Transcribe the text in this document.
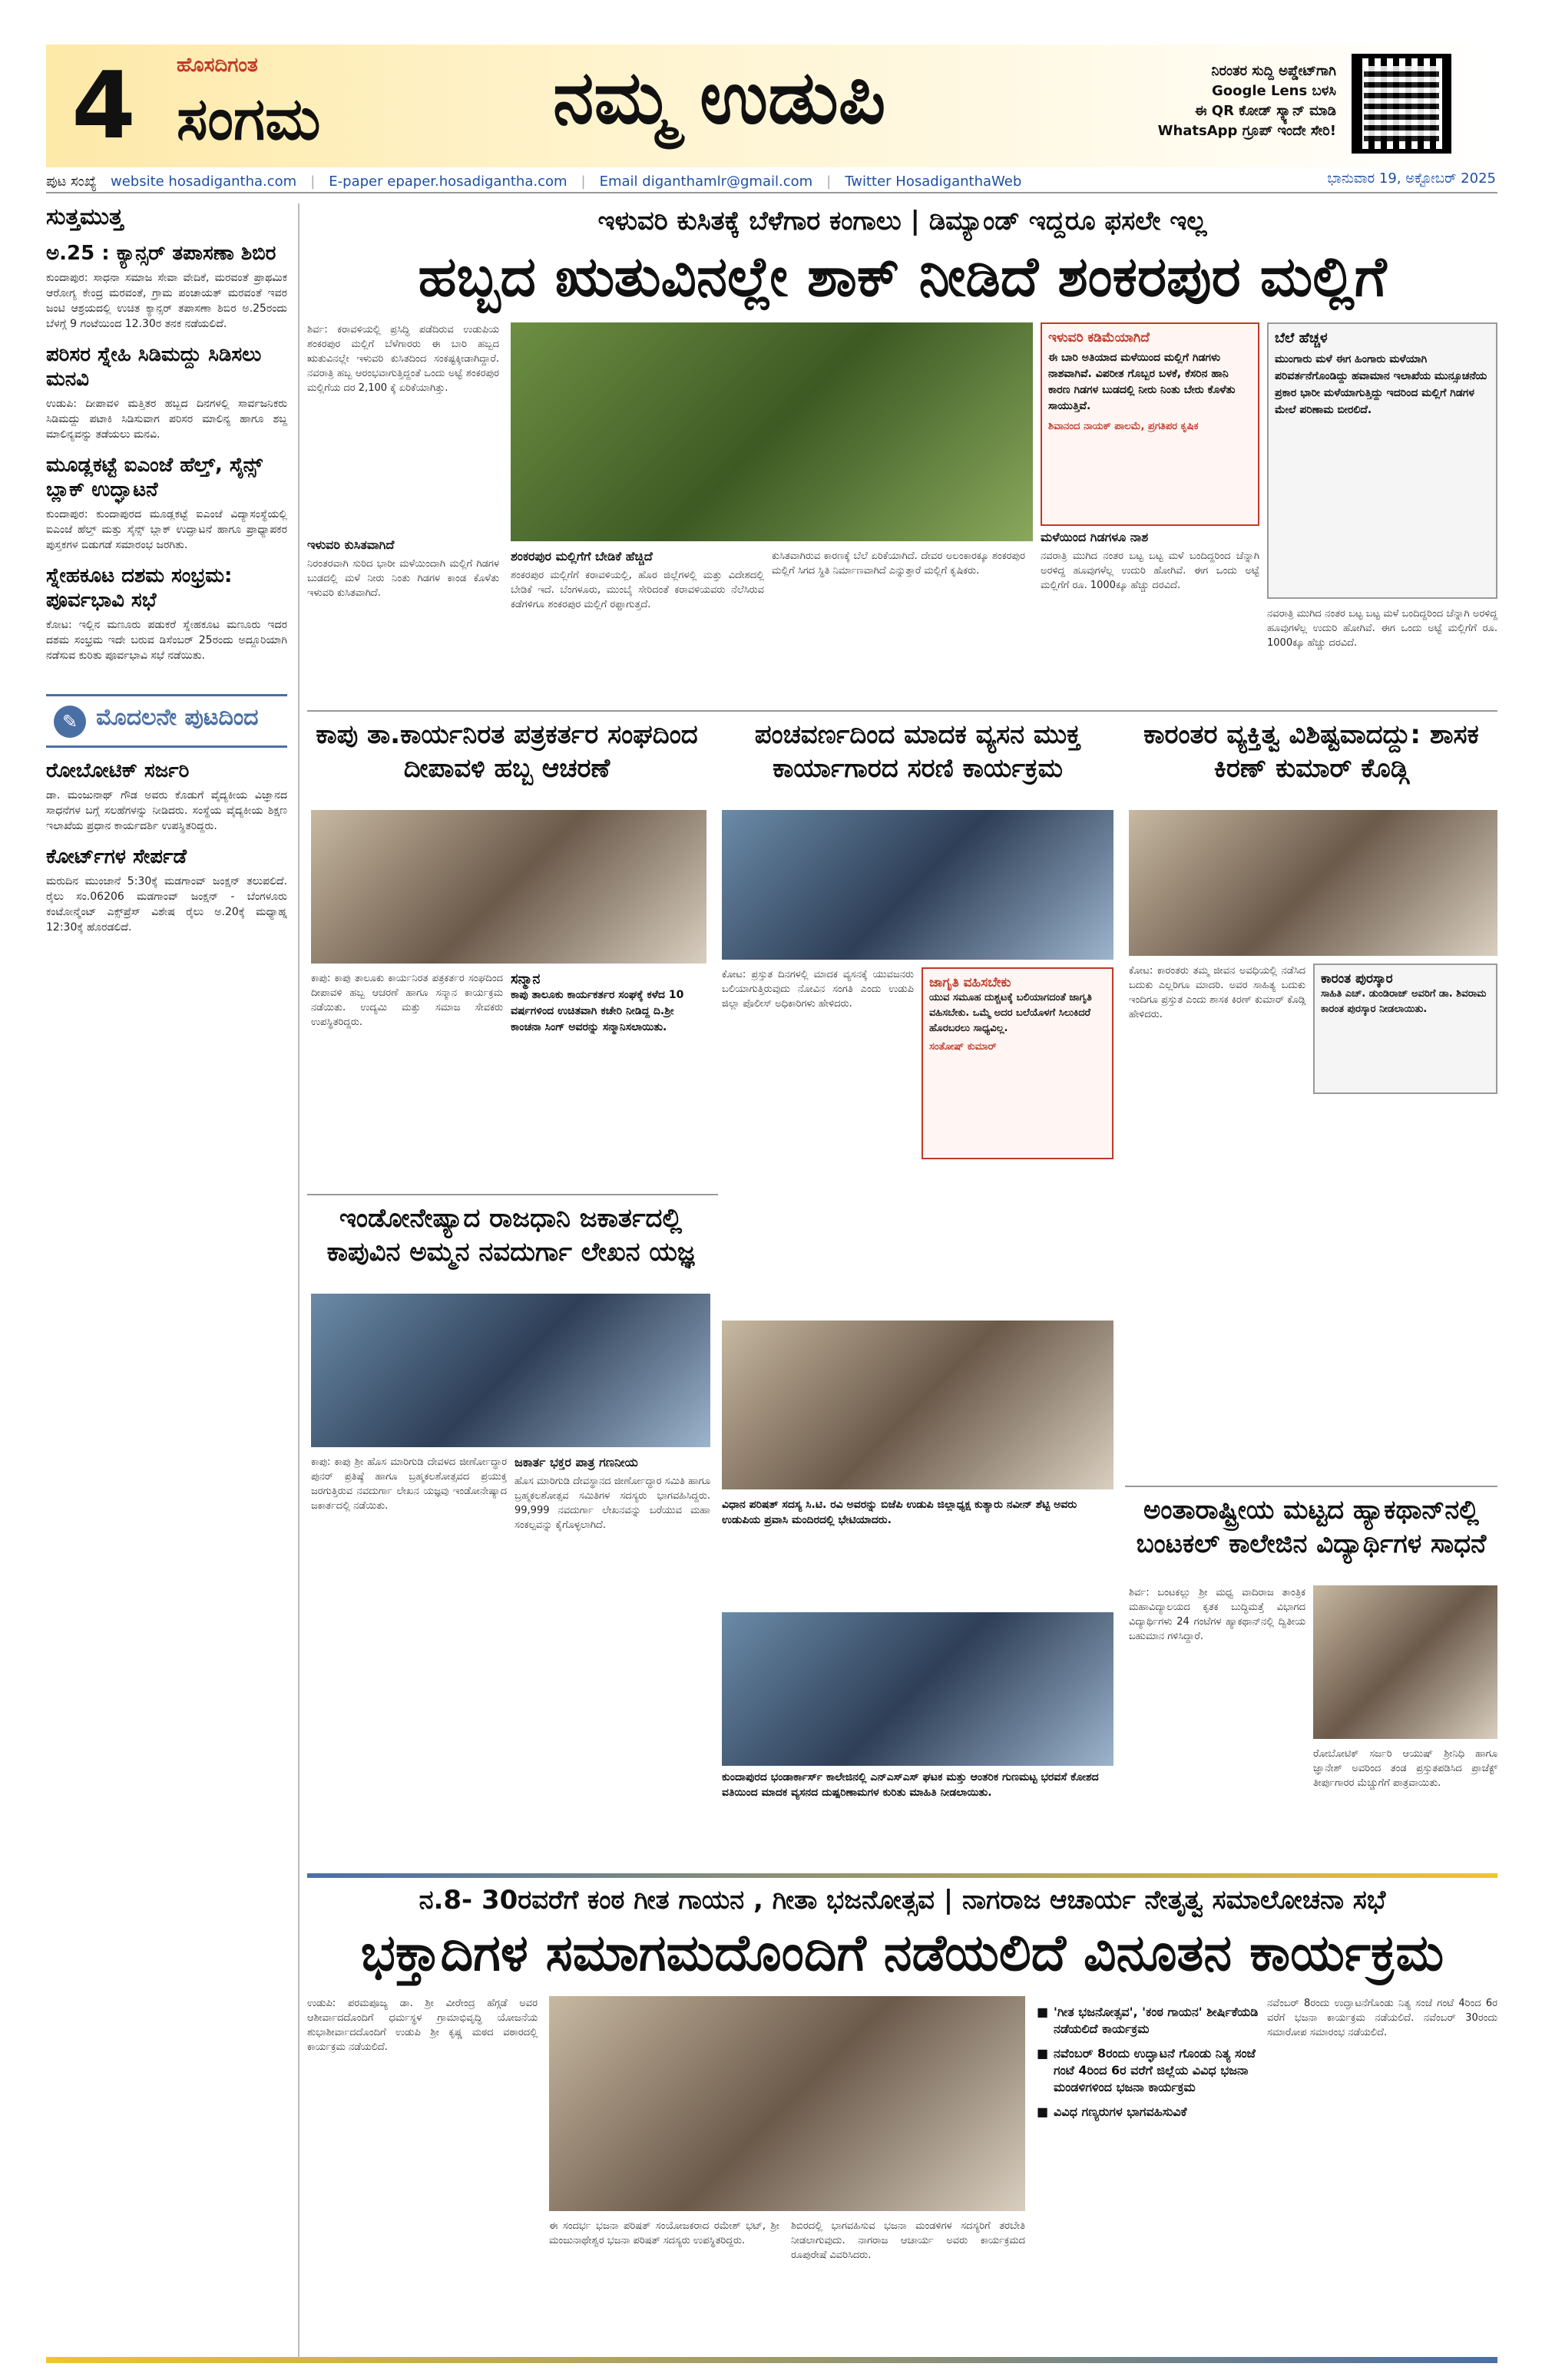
4	ಹೊಸದಿಗಂತ
ಸಂಗಮ	ನಮ್ಮ ಉಡುಪಿ	ನಿರಂತರ ಸುದ್ದಿ ಅಪ್ಡೇಟ್‌ಗಾಗಿ
Google Lens ಬಳಸಿ
ಈ QR ಕೋಡ್ ಸ್ಕ್ಯಾನ್ ಮಾಡಿ
WhatsApp ಗ್ರೂಪ್ ಇಂದೇ ಸೇರಿ!
ಪುಟ ಸಂಖ್ಯೆ website hosadigantha.com | E-paper epaper.hosadigantha.com | Email diganthamlr@gmail.com | Twitter HosadiganthaWeb	ಭಾನುವಾರ 19, ಅಕ್ಟೋಬರ್ 2025
ಸುತ್ತಮುತ್ತ
ಅ.25 : ಕ್ಯಾನ್ಸರ್ ತಪಾಸಣಾ ಶಿಬಿರ
ಕುಂದಾಪುರ: ಸಾಧನಾ ಸಮಾಜ ಸೇವಾ ವೇದಿಕೆ, ಮರವಂತೆ ಪ್ರಾಥಮಿಕ ಆರೋಗ್ಯ ಕೇಂದ್ರ ಮರವಂತೆ, ಗ್ರಾಮ ಪಂಚಾಯತ್ ಮರವಂತೆ ಇವರ ಜಂಟಿ ಆಶ್ರಯದಲ್ಲಿ ಉಚಿತ ಕ್ಯಾನ್ಸರ್ ತಪಾಸಣಾ ಶಿಬಿರ ಅ.25ರಂದು ಬೆಳಗ್ಗೆ 9 ಗಂಟೆಯಿಂದ 12.30ರ ತನಕ ನಡೆಯಲಿದೆ.
ಪರಿಸರ ಸ್ನೇಹಿ ಸಿಡಿಮದ್ದು ಸಿಡಿಸಲು ಮನವಿ
ಉಡುಪಿ: ದೀಪಾವಳಿ ಮತ್ತಿತರ ಹಬ್ಬದ ದಿನಗಳಲ್ಲಿ ಸಾರ್ವಜನಿಕರು ಸಿಡಿಮದ್ದು ಪಟಾಕಿ ಸಿಡಿಸುವಾಗ ಪರಿಸರ ಮಾಲಿನ್ಯ ಹಾಗೂ ಶಬ್ದ ಮಾಲಿನ್ಯವನ್ನು ತಡೆಯಲು ಮನವಿ.
ಮೂಡ್ಲಕಟ್ಟೆ ಐಎಂಜೆ ಹೆಲ್ತ್, ಸೈನ್ಸ್ ಬ್ಲಾಕ್ ಉದ್ಘಾಟನೆ
ಕುಂದಾಪುರ: ಕುಂದಾಪುರದ ಮೂಡ್ಲಕಟ್ಟೆ ಐಎಂಜೆ ವಿದ್ಯಾಸಂಸ್ಥೆಯಲ್ಲಿ ಐಎಂಜೆ ಹೆಲ್ತ್ ಮತ್ತು ಸೈನ್ಸ್ ಬ್ಲಾಕ್ ಉದ್ಘಾಟನೆ ಹಾಗೂ ಪ್ರಾಧ್ಯಾಪಕರ ಪುಸ್ತಕಗಳ ಬಿಡುಗಡೆ ಸಮಾರಂಭ ಜರಗಿತು.
ಸ್ನೇಹಕೂಟ ದಶಮ ಸಂಭ್ರಮ: ಪೂರ್ವಭಾವಿ ಸಭೆ
ಕೋಟ: ಇಲ್ಲಿನ ಮಣೂರು ಪಡುಕರೆ ಸ್ನೇಹಕೂಟ ಮಣೂರು ಇದರ ದಶಮ ಸಂಭ್ರಮ ಇದೇ ಬರುವ ಡಿಸೆಂಬರ್ 25ರಂದು ಅದ್ದೂರಿಯಾಗಿ ನಡೆಸುವ ಕುರಿತು ಪೂರ್ವಭಾವಿ ಸಭೆ ನಡೆಯಿತು.
✎ ಮೊದಲನೇ ಪುಟದಿಂದ
ರೋಬೋಟಿಕ್ ಸರ್ಜರಿ
ಡಾ. ಮಂಜುನಾಥ್ ಗೌಡ ಅವರು ಕೊಡುಗೆ ವೈದ್ಯಕೀಯ ವಿಜ್ಞಾನದ ಸಾಧನೆಗಳ ಬಗ್ಗೆ ಸಲಹೆಗಳನ್ನು ನೀಡಿದರು. ಸಂಸ್ಥೆಯ ವೈದ್ಯಕೀಯ ಶಿಕ್ಷಣ ಇಲಾಖೆಯ ಪ್ರಧಾನ ಕಾರ್ಯದರ್ಶಿ ಉಪಸ್ಥಿತರಿದ್ದರು.
ಕೋರ್ಟ್‌ಗಳ ಸೇರ್ಪಡೆ
ಮರುದಿನ ಮುಂಜಾನೆ 5:30ಕ್ಕೆ ಮಡಗಾಂವ್ ಜಂಕ್ಷನ್ ತಲುಪಲಿದೆ. ರೈಲು ಸಂ.06206 ಮಡಗಾಂವ್ ಜಂಕ್ಷನ್ - ಬೆಂಗಳೂರು ಕಂಟೋನ್ಮೆಂಟ್ ಎಕ್ಸ್‌ಪ್ರೆಸ್ ವಿಶೇಷ ರೈಲು ಅ.20ಕ್ಕೆ ಮಧ್ಯಾಹ್ನ 12:30ಕ್ಕೆ ಹೊರಡಲಿದೆ.
ಇಳುವರಿ ಕುಸಿತಕ್ಕೆ ಬೆಳೆಗಾರ ಕಂಗಾಲು | ಡಿಮ್ಯಾಂಡ್ ಇದ್ದರೂ ಫಸಲೇ ಇಲ್ಲ
ಹಬ್ಬದ ಋತುವಿನಲ್ಲೇ ಶಾಕ್ ನೀಡಿದೆ ಶಂಕರಪುರ ಮಲ್ಲಿಗೆ
ಶಿರ್ವ: ಕರಾವಳಿಯಲ್ಲಿ ಪ್ರಸಿದ್ಧಿ ಪಡೆದಿರುವ ಉಡುಪಿಯ ಶಂಕರಪುರ ಮಲ್ಲಿಗೆ ಬೆಳೆಗಾರರು ಈ ಬಾರಿ ಹಬ್ಬದ ಋತುವಿನಲ್ಲೇ ಇಳುವರಿ ಕುಸಿತದಿಂದ ಸಂಕಷ್ಟಕ್ಕೀಡಾಗಿದ್ದಾರೆ. ನವರಾತ್ರಿ ಹಬ್ಬ ಆರಂಭವಾಗುತ್ತಿದ್ದಂತೆ ಒಂದು ಅಟ್ಟೆ ಶಂಕರಪುರ ಮಲ್ಲಿಗೆಯ ದರ 2,100 ಕ್ಕೆ ಏರಿಕೆಯಾಗಿತ್ತು.
ಇಳುವರಿ ಕುಸಿತವಾಗಿದೆ
ನಿರಂತರವಾಗಿ ಸುರಿದ ಭಾರೀ ಮಳೆಯಿಂದಾಗಿ ಮಲ್ಲಿಗೆ ಗಿಡಗಳ ಬುಡದಲ್ಲಿ ಮಳೆ ನೀರು ನಿಂತು ಗಿಡಗಳ ಕಾಂಡ ಕೊಳೆತು ಇಳುವರಿ ಕುಸಿತವಾಗಿದೆ.
ಶಂಕರಪುರ ಮಲ್ಲಿಗೆಗೆ ಬೇಡಿಕೆ ಹೆಚ್ಚಿದೆ
ಶಂಕರಪುರ ಮಲ್ಲಿಗೆಗೆ ಕರಾವಳಿಯಲ್ಲಿ, ಹೊರ ಜಿಲ್ಲೆಗಳಲ್ಲಿ ಮತ್ತು ವಿದೇಶದಲ್ಲಿ ಬೇಡಿಕೆ ಇದೆ. ಬೆಂಗಳೂರು, ಮುಂಬೈ ಸೇರಿದಂತೆ ಕರಾವಳಿಯವರು ನೆಲೆಸಿರುವ ಕಡೆಗಳಿಗೂ ಶಂಕರಪುರ ಮಲ್ಲಿಗೆ ರಫ್ತಾಗುತ್ತದೆ.
ಕುಸಿತವಾಗಿರುವ ಕಾರಣಕ್ಕೆ ಬೆಲೆ ಏರಿಕೆಯಾಗಿದೆ. ದೇವರ ಅಲಂಕಾರಕ್ಕೂ ಶಂಕರಪುರ ಮಲ್ಲಿಗೆ ಸಿಗದ ಸ್ಥಿತಿ ನಿರ್ಮಾಣವಾಗಿದೆ ಎನ್ನುತ್ತಾರೆ ಮಲ್ಲಿಗೆ ಕೃಷಿಕರು.
ಇಳುವರಿ ಕಡಿಮೆಯಾಗಿದೆ
ಈ ಬಾರಿ ಅತಿಯಾದ ಮಳೆಯಿಂದ ಮಲ್ಲಿಗೆ ಗಿಡಗಳು ನಾಶವಾಗಿವೆ. ವಿಪರೀತ ಗೊಬ್ಬರ ಬಳಕೆ, ಕೆಸರಿನ ಹಾನಿ ಕಾರಣ ಗಿಡಗಳ ಬುಡದಲ್ಲಿ ನೀರು ನಿಂತು ಬೇರು ಕೊಳೆತು ಸಾಯುತ್ತಿವೆ.
ಶಿವಾನಂದ ನಾಯಕ್ ಪಾಲಮೆ, ಪ್ರಗತಿಪರ ಕೃಷಿಕ
ಮಳೆಯಿಂದ ಗಿಡಗಳೂ ನಾಶ
ನವರಾತ್ರಿ ಮುಗಿದ ನಂತರ ಬಟ್ಟ ಬಟ್ಟ ಮಳೆ ಬಂದಿದ್ದರಿಂದ ಚೆನ್ನಾಗಿ ಅರಳಿದ್ದ ಹೂವುಗಳೆಲ್ಲ ಉದುರಿ ಹೋಗಿವೆ. ಈಗ ಒಂದು ಅಟ್ಟೆ ಮಲ್ಲಿಗೆಗೆ ರೂ. 1000ಕ್ಕೂ ಹೆಚ್ಚು ದರವಿದೆ.
ಬೆಲೆ ಹೆಚ್ಚಳ
ಮುಂಗಾರು ಮಳೆ ಈಗ ಹಿಂಗಾರು ಮಳೆಯಾಗಿ ಪರಿವರ್ತನೆಗೊಂಡಿದ್ದು ಹವಾಮಾನ ಇಲಾಖೆಯ ಮುನ್ಸೂಚನೆಯ ಪ್ರಕಾರ ಭಾರೀ ಮಳೆಯಾಗುತ್ತಿದ್ದು ಇದರಿಂದ ಮಲ್ಲಿಗೆ ಗಿಡಗಳ ಮೇಲೆ ಪರಿಣಾಮ ಬೀರಲಿದೆ.
ನವರಾತ್ರಿ ಮುಗಿದ ನಂತರ ಬಟ್ಟ ಬಟ್ಟ ಮಳೆ ಬಂದಿದ್ದರಿಂದ ಚೆನ್ನಾಗಿ ಅರಳಿದ್ದ ಹೂವುಗಳೆಲ್ಲ ಉದುರಿ ಹೋಗಿವೆ. ಈಗ ಒಂದು ಅಟ್ಟೆ ಮಲ್ಲಿಗೆಗೆ ರೂ. 1000ಕ್ಕೂ ಹೆಚ್ಚು ದರವಿದೆ.
ಕಾಪು ತಾ.ಕಾರ್ಯನಿರತ ಪತ್ರಕರ್ತರ ಸಂಘದಿಂದ ದೀಪಾವಳಿ ಹಬ್ಬ ಆಚರಣೆ
ಕಾಪು: ಕಾಪು ತಾಲೂಕು ಕಾರ್ಯನಿರತ ಪತ್ರಕರ್ತರ ಸಂಘದಿಂದ ದೀಪಾವಳಿ ಹಬ್ಬ ಆಚರಣೆ ಹಾಗೂ ಸನ್ಮಾನ ಕಾರ್ಯಕ್ರಮ ನಡೆಯಿತು. ಉದ್ಯಮಿ ಮತ್ತು ಸಮಾಜ ಸೇವಕರು ಉಪಸ್ಥಿತರಿದ್ದರು.
ಸನ್ಮಾನ
ಕಾಪು ತಾಲೂಕು ಕಾರ್ಯಕರ್ತರ ಸಂಘಕ್ಕೆ ಕಳೆದ 10 ವರ್ಷಗಳಿಂದ ಉಚಿತವಾಗಿ ಕಚೇರಿ ನೀಡಿದ್ದ ದಿ.ಶ್ರೀ ಕಾಂಚನಾ ಸಿಂಗ್ ಅವರನ್ನು ಸನ್ಮಾನಿಸಲಾಯಿತು.
ಪಂಚವರ್ಣದಿಂದ ಮಾದಕ ವ್ಯಸನ ಮುಕ್ತ ಕಾರ್ಯಾಗಾರದ ಸರಣಿ ಕಾರ್ಯಕ್ರಮ
ಕೋಟ: ಪ್ರಸ್ತುತ ದಿನಗಳಲ್ಲಿ ಮಾದಕ ವ್ಯಸನಕ್ಕೆ ಯುವಜನರು ಬಲಿಯಾಗುತ್ತಿರುವುದು ನೋವಿನ ಸಂಗತಿ ಎಂದು ಉಡುಪಿ ಜಿಲ್ಲಾ ಪೊಲೀಸ್ ಅಧಿಕಾರಿಗಳು ಹೇಳಿದರು.
ಜಾಗೃತಿ ವಹಿಸಬೇಕು
ಯುವ ಸಮೂಹ ದುಶ್ಚಟಕ್ಕೆ ಬಲಿಯಾಗದಂತೆ ಜಾಗೃತಿ ವಹಿಸಬೇಕು. ಒಮ್ಮೆ ಅದರ ಬಲೆಯೊಳಗೆ ಸಿಲುಕಿದರೆ ಹೊರಬರಲು ಸಾಧ್ಯವಿಲ್ಲ.
ಸಂತೋಷ್ ಕುಮಾರ್
ವಿಧಾನ ಪರಿಷತ್ ಸದಸ್ಯ ಸಿ.ಟಿ. ರವಿ ಅವರನ್ನು ಬಿಜೆಪಿ ಉಡುಪಿ ಜಿಲ್ಲಾಧ್ಯಕ್ಷ ಕುತ್ಯಾರು ನವೀನ್ ಶೆಟ್ಟಿ ಅವರು ಉಡುಪಿಯ ಪ್ರವಾಸಿ ಮಂದಿರದಲ್ಲಿ ಭೇಟಿಯಾದರು.
ಕುಂದಾಪುರದ ಭಂಡಾರ್ಕಾರ್ಸ್ ಕಾಲೇಜಿನಲ್ಲಿ ಎನ್ಎಸ್ಎಸ್ ಘಟಕ ಮತ್ತು ಆಂತರಿಕ ಗುಣಮಟ್ಟ ಭರವಸೆ ಕೋಶದ ವತಿಯಿಂದ ಮಾದಕ ವ್ಯಸನದ ದುಷ್ಪರಿಣಾಮಗಳ ಕುರಿತು ಮಾಹಿತಿ ನೀಡಲಾಯಿತು.
ಕಾರಂತರ ವ್ಯಕ್ತಿತ್ವ ವಿಶಿಷ್ಟವಾದದ್ದು: ಶಾಸಕ ಕಿರಣ್ ಕುಮಾರ್ ಕೊಡ್ಗಿ
ಕೋಟ: ಕಾರಂತರು ತಮ್ಮ ಜೀವನ ಅವಧಿಯಲ್ಲಿ ನಡೆಸಿದ ಬದುಕು ಎಲ್ಲರಿಗೂ ಮಾದರಿ. ಅವರ ಸಾಹಿತ್ಯ ಬದುಕು ಇಂದಿಗೂ ಪ್ರಸ್ತುತ ಎಂದು ಶಾಸಕ ಕಿರಣ್ ಕುಮಾರ್ ಕೊಡ್ಗಿ ಹೇಳಿದರು.
ಕಾರಂತ ಪುರಸ್ಕಾರ
ಸಾಹಿತಿ ಎಚ್. ಡುಂಡಿರಾಜ್ ಅವರಿಗೆ ಡಾ. ಶಿವರಾಮ ಕಾರಂತ ಪುರಸ್ಕಾರ ನೀಡಲಾಯಿತು.
ಇಂಡೋನೇಷ್ಯಾದ ರಾಜಧಾನಿ ಜಕಾರ್ತದಲ್ಲಿ ಕಾಪುವಿನ ಅಮ್ಮನ ನವದುರ್ಗಾ ಲೇಖನ ಯಜ್ಞ
ಕಾಪು: ಕಾಪು ಶ್ರೀ ಹೊಸ ಮಾರಿಗುಡಿ ದೇವಳದ ಜೀರ್ಣೋದ್ಧಾರ ಪುನರ್ ಪ್ರತಿಷ್ಠೆ ಹಾಗೂ ಬ್ರಹ್ಮಕಲಶೋತ್ಸವದ ಪ್ರಯುಕ್ತ ಜರಗುತ್ತಿರುವ ನವದುರ್ಗಾ ಲೇಖನ ಯಜ್ಞವು ಇಂಡೋನೇಷ್ಯಾದ ಜಕಾರ್ತದಲ್ಲಿ ನಡೆಯಿತು.
ಜಕಾರ್ತ ಭಕ್ತರ ಪಾತ್ರ ಗಣನೀಯ
ಹೊಸ ಮಾರಿಗುಡಿ ದೇವಸ್ಥಾನದ ಜೀರ್ಣೋದ್ಧಾರ ಸಮಿತಿ ಹಾಗೂ ಬ್ರಹ್ಮಕಲಶೋತ್ಸವ ಸಮಿತಿಗಳ ಸದಸ್ಯರು ಭಾಗವಹಿಸಿದ್ದರು. 99,999 ನವದುರ್ಗಾ ಲೇಖನವನ್ನು ಬರೆಯುವ ಮಹಾ ಸಂಕಲ್ಪವನ್ನು ಕೈಗೊಳ್ಳಲಾಗಿದೆ.	ಅಂತಾರಾಷ್ಟ್ರೀಯ ಮಟ್ಟದ ಹ್ಯಾಕಥಾನ್‌ನಲ್ಲಿ ಬಂಟಕಲ್ ಕಾಲೇಜಿನ ವಿದ್ಯಾರ್ಥಿಗಳ ಸಾಧನೆ
ಶಿರ್ವ: ಬಂಟಕಲ್ಲು ಶ್ರೀ ಮಧ್ವ ವಾದಿರಾಜ ತಾಂತ್ರಿಕ ಮಹಾವಿದ್ಯಾಲಯದ ಕೃತಕ ಬುದ್ಧಿಮತ್ತೆ ವಿಭಾಗದ ವಿದ್ಯಾರ್ಥಿಗಳು 24 ಗಂಟೆಗಳ ಹ್ಯಾಕಥಾನ್‌ನಲ್ಲಿ ದ್ವಿತೀಯ ಬಹುಮಾನ ಗಳಿಸಿದ್ದಾರೆ.
ರೋಬೋಟಿಕ್ ಸರ್ಜರಿ ಆಯುಷ್ ಶ್ರೀನಿಧಿ ಹಾಗೂ ಜ್ಞಾನೇಶ್ ಅವರಿಂದ ತಂಡ ಪ್ರಸ್ತುತಪಡಿಸಿದ ಪ್ರಾಜೆಕ್ಟ್ ತೀರ್ಪುಗಾರರ ಮೆಚ್ಚುಗೆಗೆ ಪಾತ್ರವಾಯಿತು.
ನ.8- 30ರವರೆಗೆ ಕಂಠ ಗೀತ ಗಾಯನ , ಗೀತಾ ಭಜನೋತ್ಸವ | ನಾಗರಾಜ ಆಚಾರ್ಯ ನೇತೃತ್ವ ಸಮಾಲೋಚನಾ ಸಭೆ
ಭಕ್ತಾದಿಗಳ ಸಮಾಗಮದೊಂದಿಗೆ ನಡೆಯಲಿದೆ ವಿನೂತನ ಕಾರ್ಯಕ್ರಮ
ಉಡುಪಿ: ಪರಮಪೂಜ್ಯ ಡಾ. ಶ್ರೀ ವೀರೇಂದ್ರ ಹೆಗ್ಗಡೆ ಅವರ ಆಶೀರ್ವಾದದೊಂದಿಗೆ ಧರ್ಮಸ್ಥಳ ಗ್ರಾಮಾಭಿವೃದ್ಧಿ ಯೋಜನೆಯ ಶುಭಾಶೀರ್ವಾದದೊಂದಿಗೆ ಉಡುಪಿ ಶ್ರೀ ಕೃಷ್ಣ ಮಠದ ವಠಾರದಲ್ಲಿ ಕಾರ್ಯಕ್ರಮ ನಡೆಯಲಿದೆ.
ಈ ಸಂದರ್ಭ ಭಜನಾ ಪರಿಷತ್ ಸಂಯೋಜಕರಾದ ರಮೇಶ್ ಭಟ್, ಶ್ರೀ ಮಂಜುನಾಥೇಶ್ವರ ಭಜನಾ ಪರಿಷತ್ ಸದಸ್ಯರು ಉಪಸ್ಥಿತರಿದ್ದರು.
ಶಿಬಿರದಲ್ಲಿ ಭಾಗವಹಿಸುವ ಭಜನಾ ಮಂಡಳಿಗಳ ಸದಸ್ಯರಿಗೆ ತರಬೇತಿ ನೀಡಲಾಗುವುದು. ನಾಗರಾಜ ಆಚಾರ್ಯ ಅವರು ಕಾರ್ಯಕ್ರಮದ ರೂಪುರೇಷೆ ವಿವರಿಸಿದರು.
■ 'ಗೀತ ಭಜನೋತ್ಸವ', 'ಕಂಠ ಗಾಯನ' ಶೀರ್ಷಿಕೆಯಡಿ ನಡೆಯಲಿದೆ ಕಾರ್ಯಕ್ರಮ
■ ನವೆಂಬರ್ 8ರಂದು ಉದ್ಘಾಟನೆ ಗೊಂಡು ನಿತ್ಯ ಸಂಜೆ ಗಂಟೆ 4ರಿಂದ 6ರ ವರೆಗೆ ಜಿಲ್ಲೆಯ ವಿವಿಧ ಭಜನಾ ಮಂಡಳಿಗಳಿಂದ ಭಜನಾ ಕಾರ್ಯಕ್ರಮ
■ ವಿವಿಧ ಗಣ್ಯರುಗಳ ಭಾಗವಹಿಸುವಿಕೆ
ನವೆಂಬರ್ 8ರಂದು ಉದ್ಘಾಟನೆಗೊಂಡು ನಿತ್ಯ ಸಂಜೆ ಗಂಟೆ 4ರಿಂದ 6ರ ವರೆಗೆ ಭಜನಾ ಕಾರ್ಯಕ್ರಮ ನಡೆಯಲಿದೆ. ನವೆಂಬರ್ 30ರಂದು ಸಮಾರೋಪ ಸಮಾರಂಭ ನಡೆಯಲಿದೆ.
